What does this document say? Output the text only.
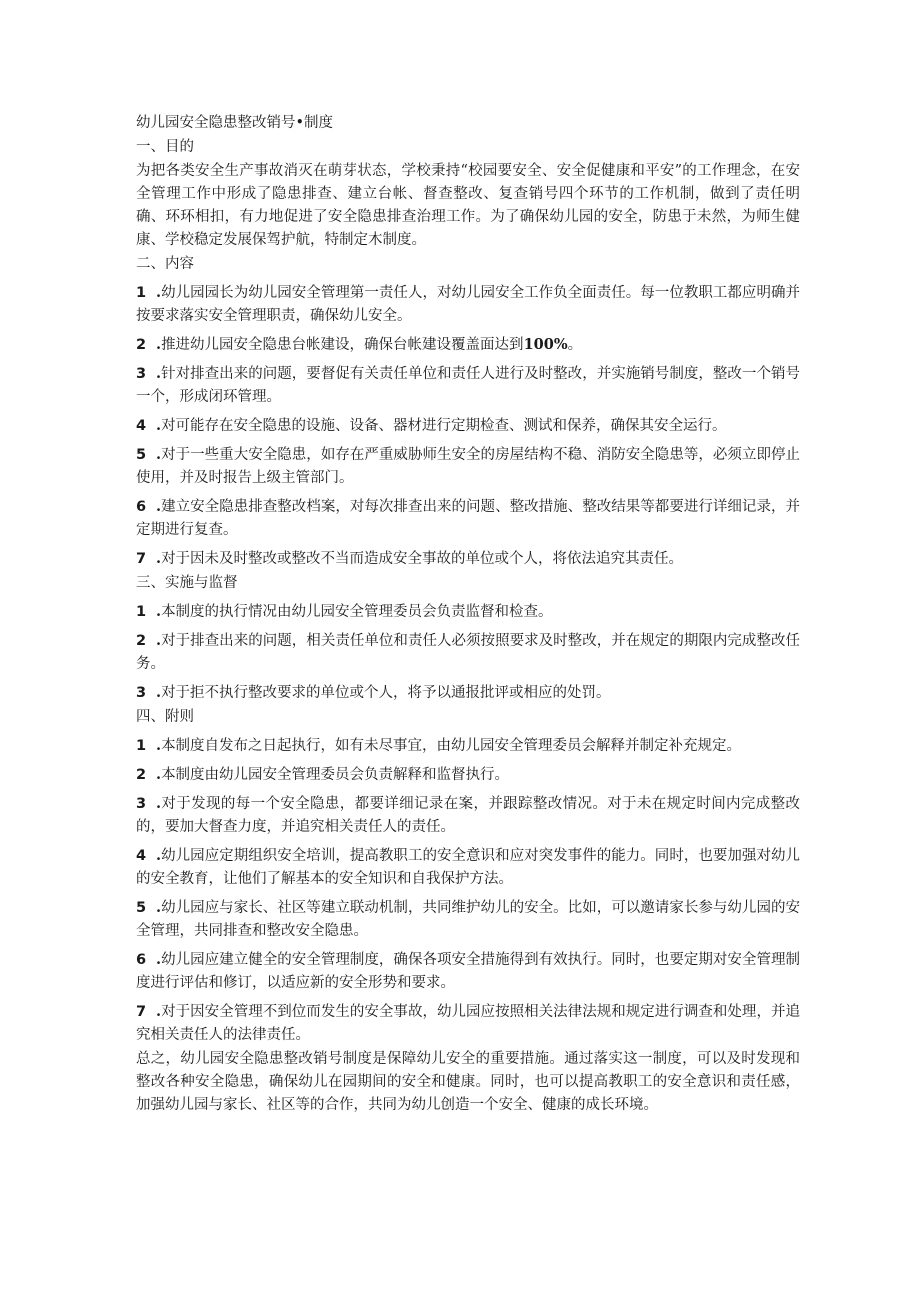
幼儿园安全隐患整改销号•制度

一、目的

为把各类安全生产事故消灭在萌芽状态，学校秉持“校园要安全、安全促健康和平安”的工作理念，在安全管理工作中形成了隐患排查、建立台帐、督查整改、复查销号四个环节的工作机制，做到了责任明确、环环相扣，有力地促进了安全隐患排查治理工作。为了确保幼儿园的安全，防患于未然，为师生健康、学校稳定发展保驾护航，特制定木制度。

二、内容

1 .幼儿园园长为幼儿园安全管理第一责任人，对幼儿园安全工作负全面责任。每一位教职工都应明确并按要求落实安全管理职责，确保幼儿安全。

2 .推进幼儿园安全隐患台帐建设，确保台帐建设覆盖面达到100%。

3 .针对排查出来的问题，要督促有关责任单位和责任人进行及时整改，并实施销号制度，整改一个销号一个，形成闭环管理。

4 .对可能存在安全隐患的设施、设备、器材进行定期检查、测试和保养，确保其安全运行。

5 .对于一些重大安全隐患，如存在严重威胁师生安全的房屋结构不稳、消防安全隐患等，必须立即停止使用，并及时报告上级主管部门。

6 .建立安全隐患排查整改档案，对每次排查出来的问题、整改措施、整改结果等都要进行详细记录，并定期进行复查。

7 .对于因未及时整改或整改不当而造成安全事故的单位或个人，将依法追究其责任。

三、实施与监督

1 .本制度的执行情况由幼儿园安全管理委员会负责监督和检查。

2 .对于排查出来的问题，相关责任单位和责任人必须按照要求及时整改，并在规定的期限内完成整改任务。

3 .对于拒不执行整改要求的单位或个人，将予以通报批评或相应的处罚。

四、附则

1 .本制度自发布之日起执行，如有未尽事宜，由幼儿园安全管理委员会解释并制定补充规定。

2 .本制度由幼儿园安全管理委员会负责解释和监督执行。

3 .对于发现的每一个安全隐患，都要详细记录在案，并跟踪整改情况。对于未在规定时间内完成整改的，要加大督查力度，并追究相关责任人的责任。

4 .幼儿园应定期组织安全培训，提高教职工的安全意识和应对突发事件的能力。同时，也要加强对幼儿的安全教育，让他们了解基本的安全知识和自我保护方法。

5 .幼儿园应与家长、社区等建立联动机制，共同维护幼儿的安全。比如，可以邀请家长参与幼儿园的安全管理，共同排查和整改安全隐患。

6 .幼儿园应建立健全的安全管理制度，确保各项安全措施得到有效执行。同时，也要定期对安全管理制度进行评估和修订，以适应新的安全形势和要求。

7 .对于因安全管理不到位而发生的安全事故，幼儿园应按照相关法律法规和规定进行调查和处理，并追究相关责任人的法律责任。

总之，幼儿园安全隐患整改销号制度是保障幼儿安全的重要措施。通过落实这一制度，可以及时发现和整改各种安全隐患，确保幼儿在园期间的安全和健康。同时，也可以提高教职工的安全意识和责任感，加强幼儿园与家长、社区等的合作，共同为幼儿创造一个安全、健康的成长环境。
